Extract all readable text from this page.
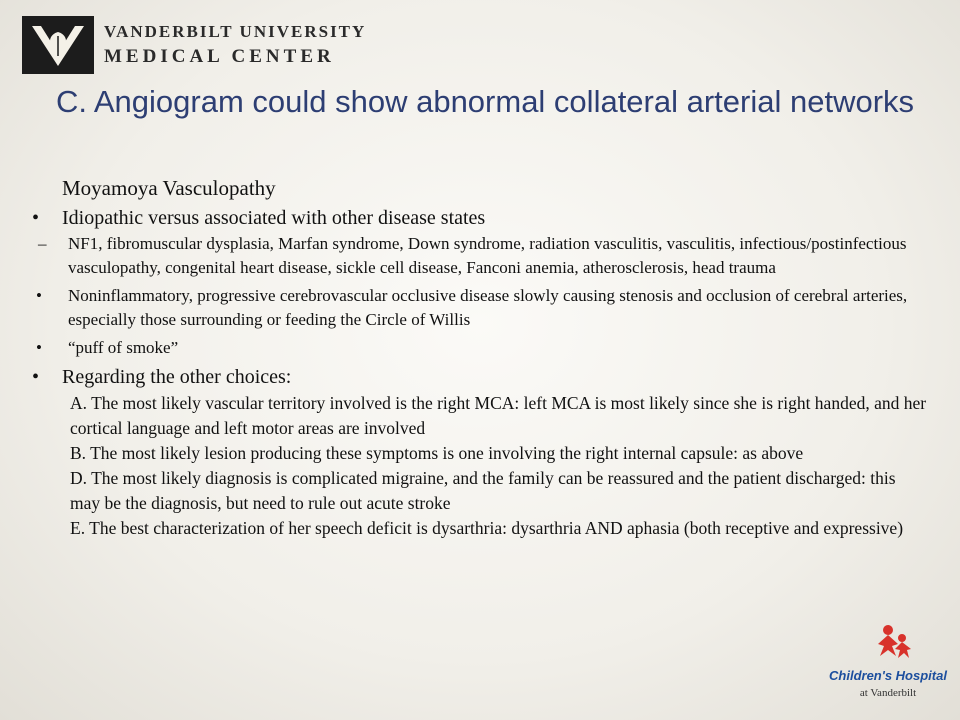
VANDERBILT UNIVERSITY
MEDICAL CENTER
C. Angiogram could show abnormal collateral arterial networks
Moyamoya Vasculopathy
• Idiopathic versus associated with other disease states
– NF1, fibromuscular dysplasia, Marfan syndrome, Down syndrome, radiation vasculitis, vasculitis, infectious/postinfectious vasculopathy, congenital heart disease, sickle cell disease, Fanconi anemia, atherosclerosis, head trauma
• Noninflammatory, progressive cerebrovascular occlusive disease slowly causing stenosis and occlusion of cerebral arteries, especially those surrounding or feeding the Circle of Willis
• “puff of smoke”
• Regarding the other choices:
A. The most likely vascular territory involved is the right MCA: left MCA is most likely since she is right handed, and her cortical language and left motor areas are involved
B. The most likely lesion producing these symptoms is one involving the right internal capsule: as above
D. The most likely diagnosis is complicated migraine, and the family can be reassured and the patient discharged: this may be the diagnosis, but need to rule out acute stroke
E. The best characterization of her speech deficit is dysarthria: dysarthria AND aphasia (both receptive and expressive)
Children's Hospital
at Vanderbilt
